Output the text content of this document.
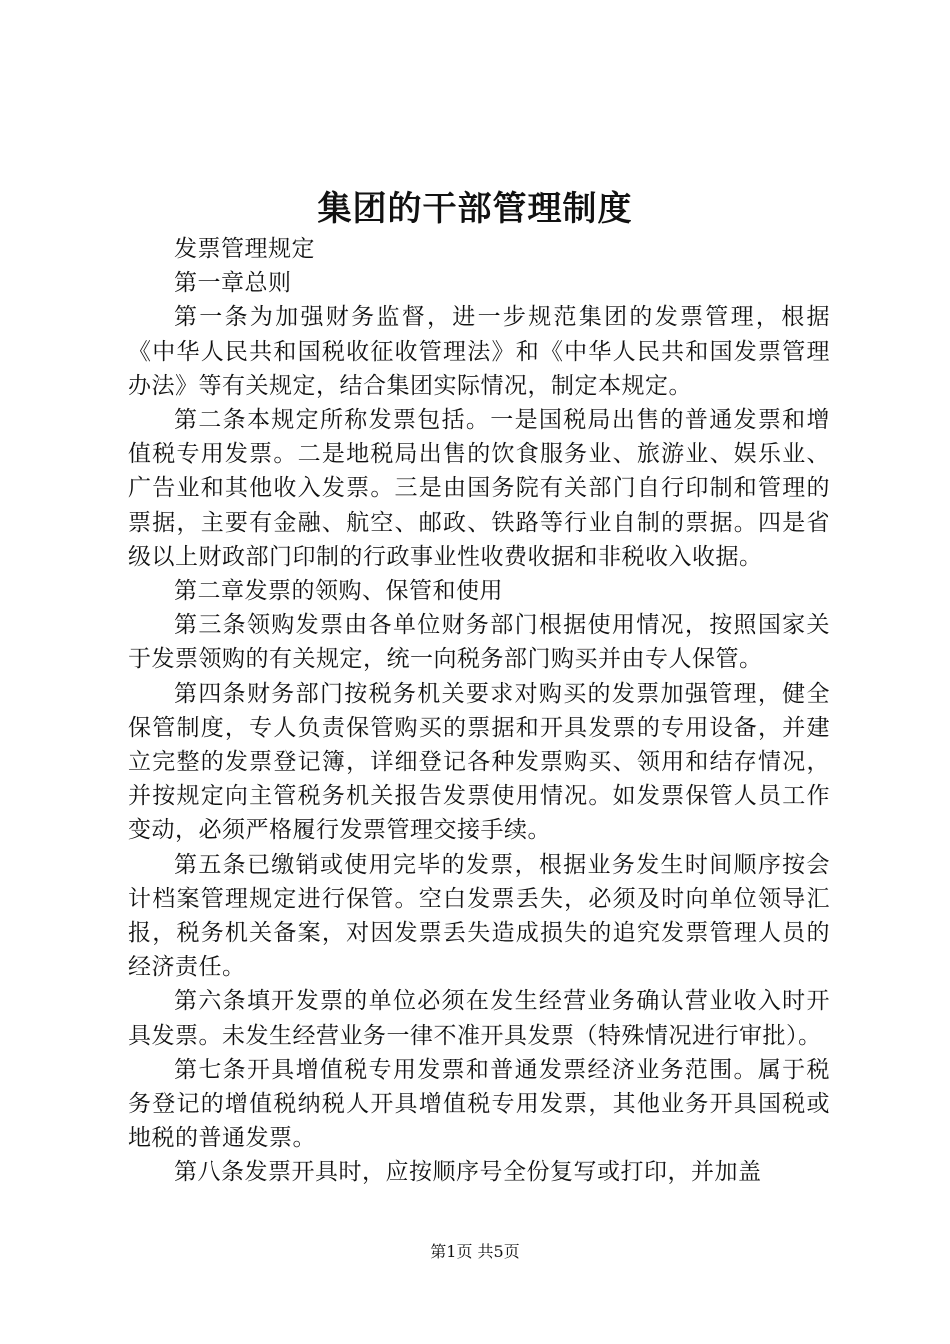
集团的干部管理制度

发票管理规定

第一章总则

第一条为加强财务监督，进一步规范集团的发票管理，根据《中华人民共和国税收征收管理法》和《中华人民共和国发票管理办法》等有关规定，结合集团实际情况，制定本规定。

第二条本规定所称发票包括。一是国税局出售的普通发票和增值税专用发票。二是地税局出售的饮食服务业、旅游业、娱乐业、广告业和其他收入发票。三是由国务院有关部门自行印制和管理的票据，主要有金融、航空、邮政、铁路等行业自制的票据。四是省级以上财政部门印制的行政事业性收费收据和非税收入收据。

第二章发票的领购、保管和使用

第三条领购发票由各单位财务部门根据使用情况，按照国家关于发票领购的有关规定，统一向税务部门购买并由专人保管。

第四条财务部门按税务机关要求对购买的发票加强管理，健全保管制度，专人负责保管购买的票据和开具发票的专用设备，并建立完整的发票登记簿，详细登记各种发票购买、领用和结存情况，并按规定向主管税务机关报告发票使用情况。如发票保管人员工作变动，必须严格履行发票管理交接手续。

第五条已缴销或使用完毕的发票，根据业务发生时间顺序按会计档案管理规定进行保管。空白发票丢失，必须及时向单位领导汇报，税务机关备案，对因发票丢失造成损失的追究发票管理人员的经济责任。

第六条填开发票的单位必须在发生经营业务确认营业收入时开具发票。未发生经营业务一律不准开具发票（特殊情况进行审批）。

第七条开具增值税专用发票和普通发票经济业务范围。属于税务登记的增值税纳税人开具增值税专用发票，其他业务开具国税或地税的普通发票。

第八条发票开具时，应按顺序号全份复写或打印，并加盖

第1页 共5页
